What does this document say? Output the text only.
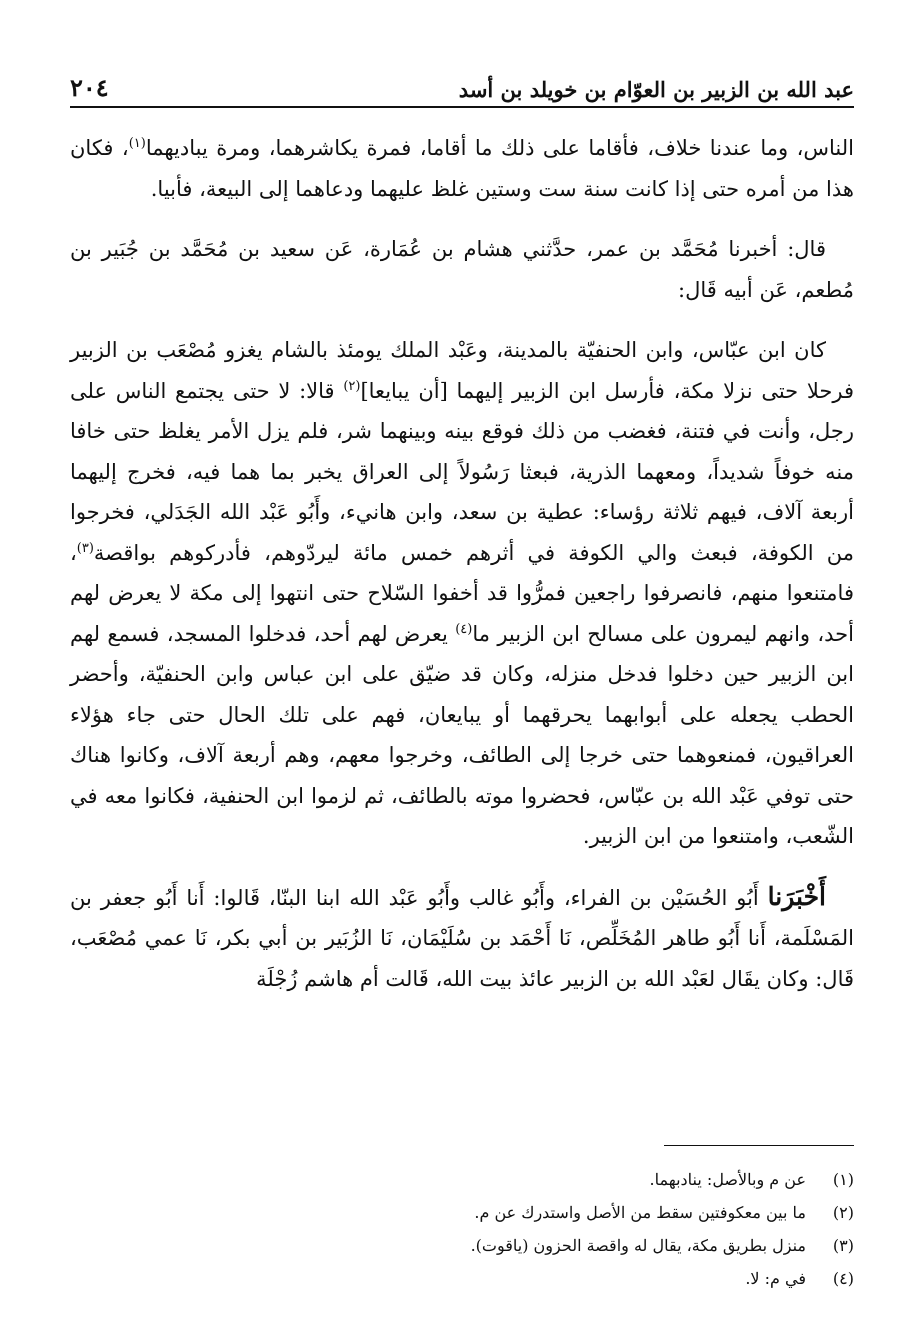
عبد الله بن الزبير بن العوّام بن خويلد بن أسد
٢٠٤

الناس، وما عندنا خلاف، فأقاما على ذلك ما أقاما، فمرة يكاشرهما، ومرة يباديهما$^{(١)}$، فكان هذا من أمره حتى إذا كانت سنة ست وستين غلظ عليهما ودعاهما إلى البيعة، فأبيا.

قال: أخبرنا مُحَمَّد بن عمر، حدَّثني هشام بن عُمَارة، عَن سعيد بن مُحَمَّد بن جُبَير بن مُطعم، عَن أبيه قَال:

كان ابن عبّاس، وابن الحنفيّة بالمدينة، وعَبْد الملك يومئذ بالشام يغزو مُصْعَب بن الزبير فرحلا حتى نزلا مكة، فأرسل ابن الزبير إليهما [أن يبايعا]$^{(٢)}$ قالا: لا حتى يجتمع الناس على رجل، وأنت في فتنة، فغضب من ذلك فوقع بينه وبينهما شر، فلم يزل الأمر يغلظ حتى خافا منه خوفاً شديداً، ومعهما الذرية، فبعثا رَسُولاً إلى العراق يخبر بما هما فيه، فخرج إليهما أربعة آلاف، فيهم ثلاثة رؤساء: عطية بن سعد، وابن هانيء، وأَبُو عَبْد الله الجَدَلي، فخرجوا من الكوفة، فبعث والي الكوفة في أثرهم خمس مائة ليردّوهم، فأدركوهم بواقصة$^{(٣)}$، فامتنعوا منهم، فانصرفوا راجعين فمرُّوا قد أخفوا السّلاح حتى انتهوا إلى مكة لا يعرض لهم أحد، وانهم ليمرون على مسالح ابن الزبير ما$^{(٤)}$ يعرض لهم أحد، فدخلوا المسجد، فسمع لهم ابن الزبير حين دخلوا فدخل منزله، وكان قد ضيّق على ابن عباس وابن الحنفيّة، وأحضر الحطب يجعله على أبوابهما يحرقهما أو يبايعان، فهم على تلك الحال حتى جاء هؤلاء العراقيون، فمنعوهما حتى خرجا إلى الطائف، وخرجوا معهم، وهم أربعة آلاف، وكانوا هناك حتى توفي عَبْد الله بن عبّاس، فحضروا موته بالطائف، ثم لزموا ابن الحنفية، فكانوا معه في الشّعب، وامتنعوا من ابن الزبير.

أَخْبَرَنا أَبُو الحُسَيْن بن الفراء، وأَبُو غالب وأَبُو عَبْد الله ابنا البنّا، قَالوا: أَنا أَبُو جعفر بن المَسْلَمة، أَنا أَبُو طاهر المُخَلِّص، نَا أَحْمَد بن سُلَيْمَان، نَا الزُبَير بن أبي بكر، نَا عمي مُصْعَب، قَال: وكان يقَال لعَبْد الله بن الزبير عائذ بيت الله، قَالت أم هاشم زُجْلَة

(١)
عن م وبالأصل: ينادبهما.
(٢)
ما بين معكوفتين سقط من الأصل واستدرك عن م.
(٣)
منزل بطريق مكة، يقال له واقصة الحزون (ياقوت).
(٤)
في م: لا.
